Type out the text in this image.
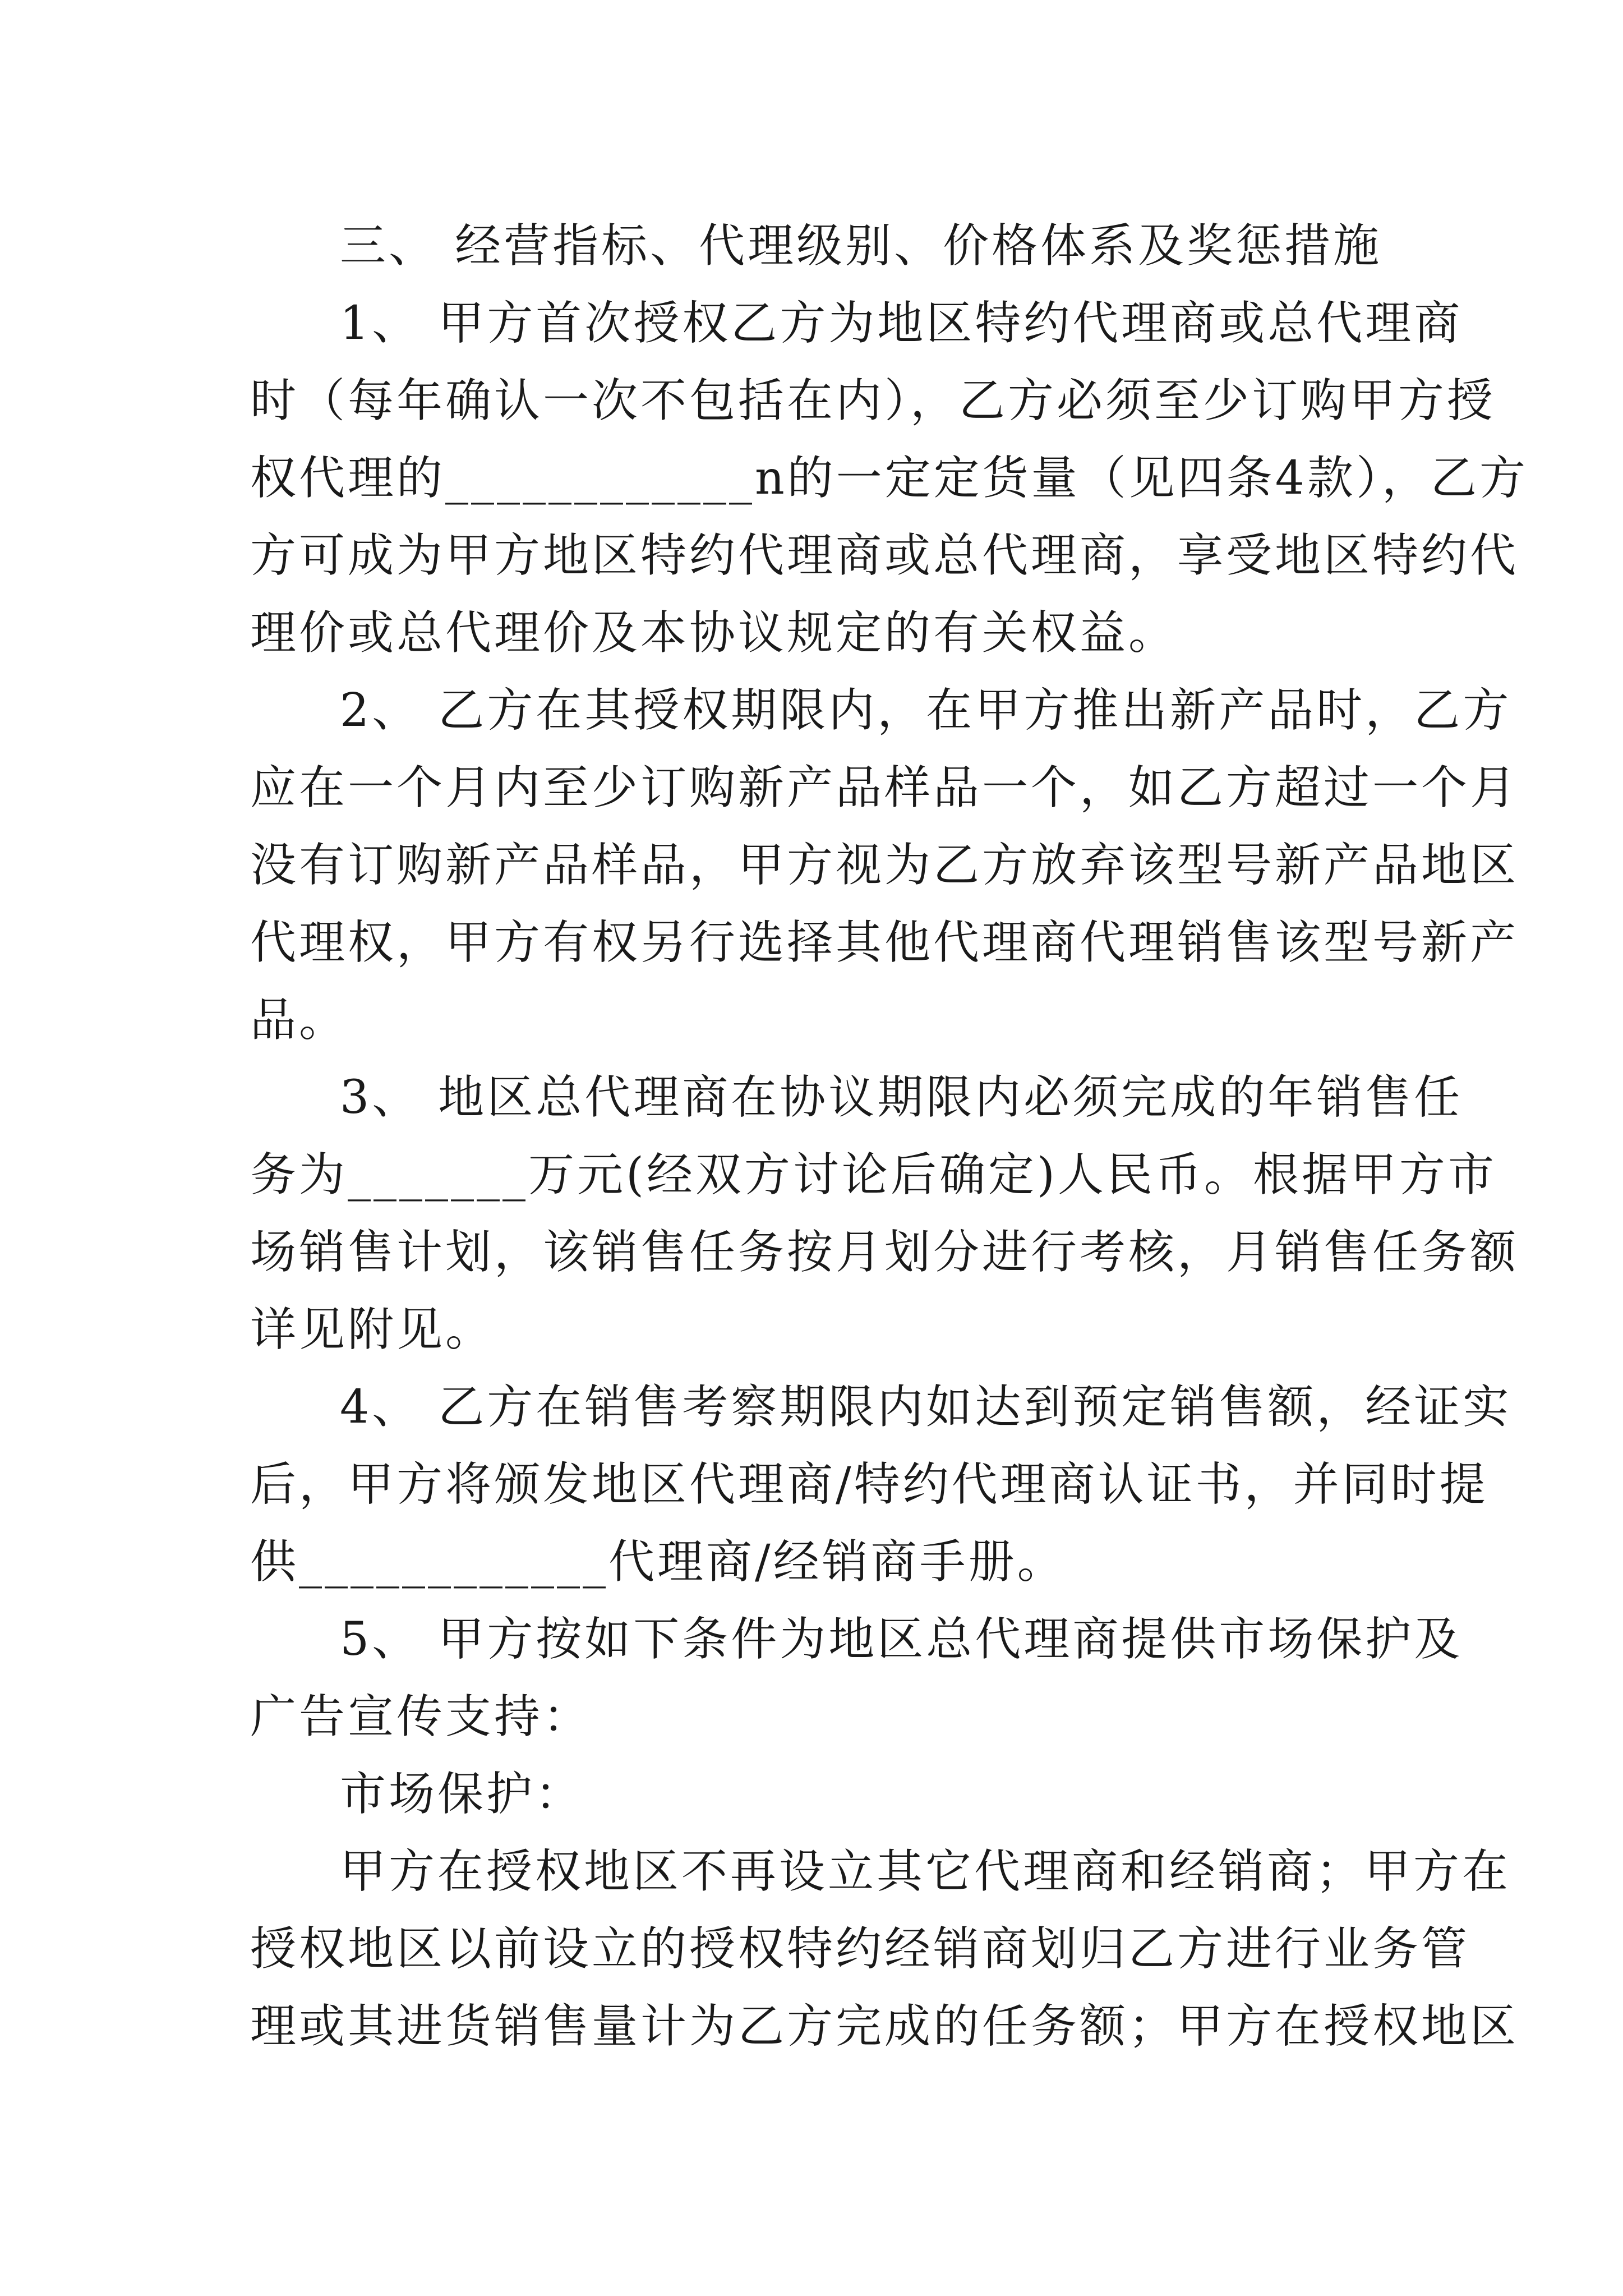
三、 经营指标、代理级别、价格体系及奖惩措施
1、 甲方首次授权乙方为地区特约代理商或总代理商
时（每年确认一次不包括在内），乙方必须至少订购甲方授
权代理的____________n的一定定货量（见四条4款），乙方
方可成为甲方地区特约代理商或总代理商，享受地区特约代
理价或总代理价及本协议规定的有关权益。
2、 乙方在其授权期限内，在甲方推出新产品时，乙方
应在一个月内至少订购新产品样品一个，如乙方超过一个月
没有订购新产品样品，甲方视为乙方放弃该型号新产品地区
代理权，甲方有权另行选择其他代理商代理销售该型号新产
品。
3、 地区总代理商在协议期限内必须完成的年销售任
务为_______万元(经双方讨论后确定)人民币。根据甲方市
场销售计划，该销售任务按月划分进行考核，月销售任务额
详见附见。
4、 乙方在销售考察期限内如达到预定销售额，经证实
后，甲方将颁发地区代理商/特约代理商认证书，并同时提
供____________代理商/经销商手册。
5、 甲方按如下条件为地区总代理商提供市场保护及
广告宣传支持：
市场保护：
甲方在授权地区不再设立其它代理商和经销商；甲方在
授权地区以前设立的授权特约经销商划归乙方进行业务管
理或其进货销售量计为乙方完成的任务额；甲方在授权地区
